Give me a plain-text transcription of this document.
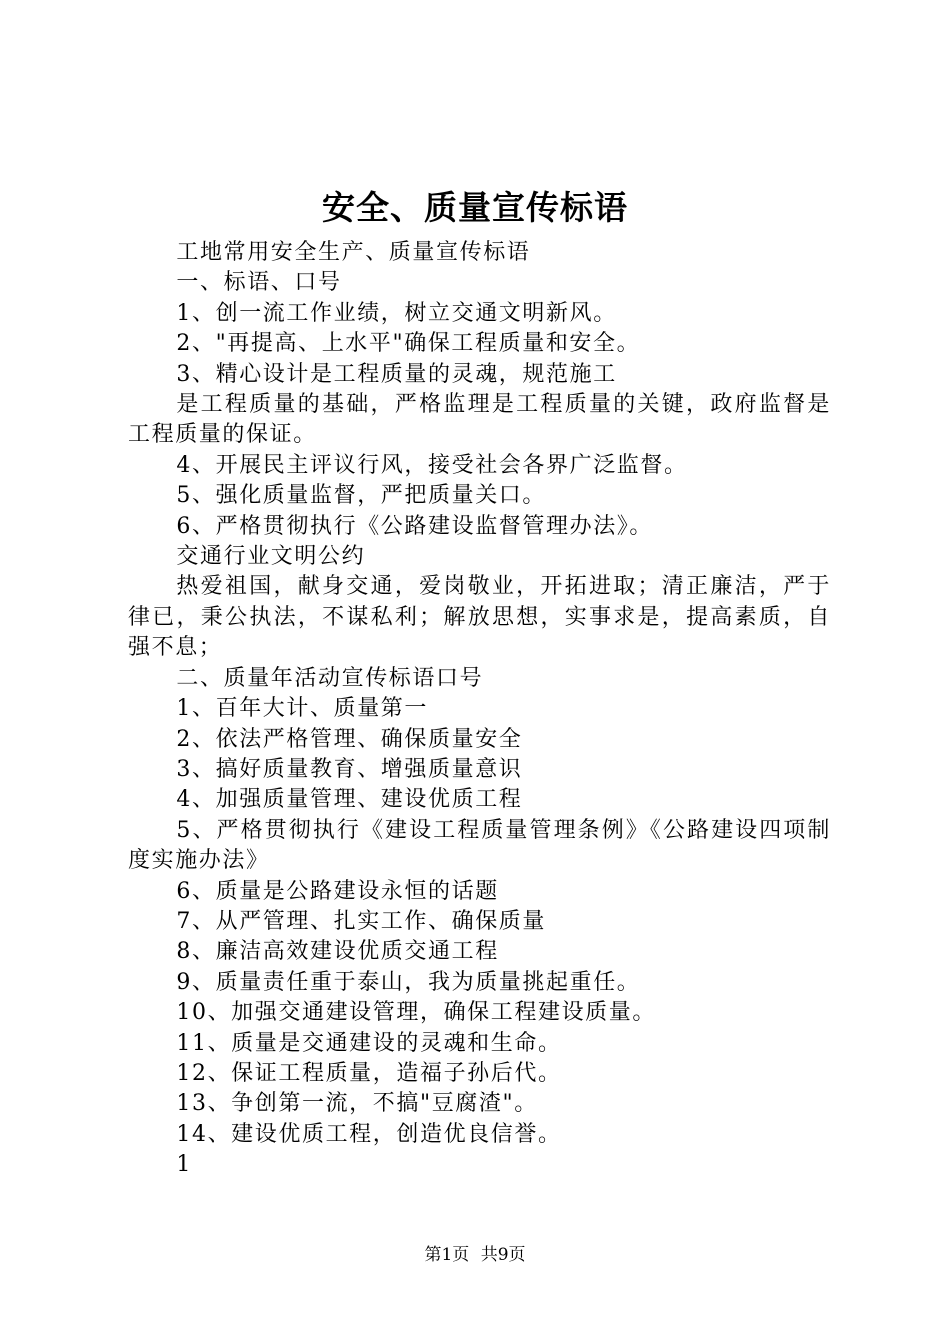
安全、质量宣传标语

工地常用安全生产、质量宣传标语

一、标语、口号

1、创一流工作业绩，树立交通文明新风。

2、"再提高、上水平"确保工程质量和安全。

3、精心设计是工程质量的灵魂，规范施工

是工程质量的基础，严格监理是工程质量的关键，政府监督是工程质量的保证。

4、开展民主评议行风，接受社会各界广泛监督。

5、强化质量监督，严把质量关口。

6、严格贯彻执行《公路建设监督管理办法》。

交通行业文明公约

热爱祖国，献身交通，爱岗敬业，开拓进取；清正廉洁，严于律已，秉公执法，不谋私利；解放思想，实事求是，提高素质，自强不息；

二、质量年活动宣传标语口号

1、百年大计、质量第一

2、依法严格管理、确保质量安全

3、搞好质量教育、增强质量意识

4、加强质量管理、建设优质工程

5、严格贯彻执行《建设工程质量管理条例》《公路建设四项制度实施办法》

6、质量是公路建设永恒的话题

7、从严管理、扎实工作、确保质量

8、廉洁高效建设优质交通工程

9、质量责任重于泰山，我为质量挑起重任。

10、加强交通建设管理，确保工程建设质量。

11、质量是交通建设的灵魂和生命。

12、保证工程质量，造福子孙后代。

13、争创第一流，不搞"豆腐渣"。

14、建设优质工程，创造优良信誉。

1

第1页 共9页
